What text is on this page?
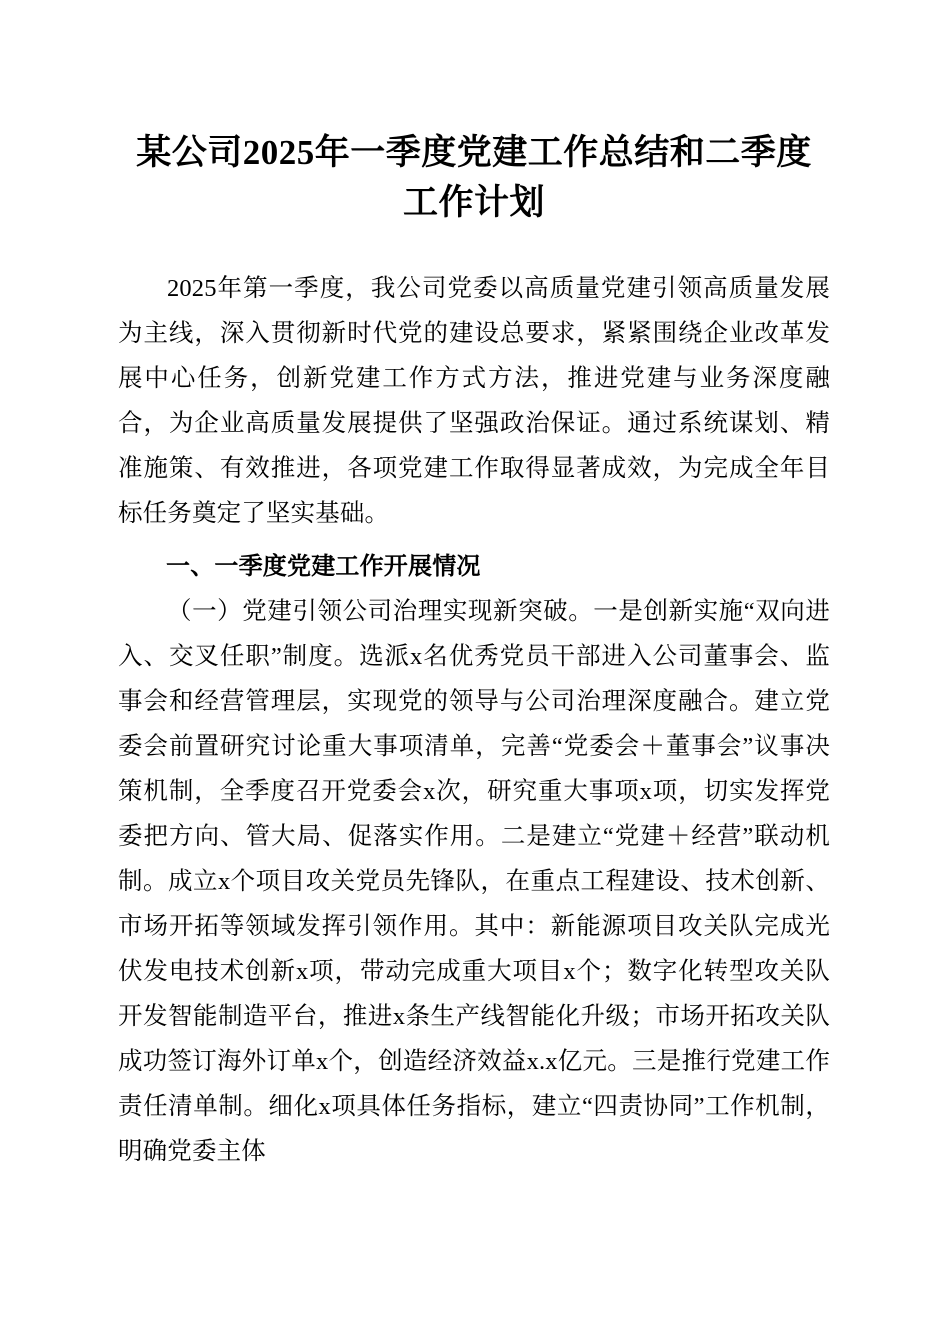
某公司2025年一季度党建工作总结和二季度
工作计划

2025年第一季度，我公司党委以高质量党建引领高质量发展为主线，深入贯彻新时代党的建设总要求，紧紧围绕企业改革发展中心任务，创新党建工作方式方法，推进党建与业务深度融合，为企业高质量发展提供了坚强政治保证。通过系统谋划、精准施策、有效推进，各项党建工作取得显著成效，为完成全年目标任务奠定了坚实基础。

一、一季度党建工作开展情况

（一）党建引领公司治理实现新突破。一是创新实施“双向进入、交叉任职”制度。选派x名优秀党员干部进入公司董事会、监事会和经营管理层，实现党的领导与公司治理深度融合。建立党委会前置研究讨论重大事项清单，完善“党委会＋董事会”议事决策机制，全季度召开党委会x次，研究重大事项x项，切实发挥党委把方向、管大局、促落实作用。二是建立“党建＋经营”联动机制。成立x个项目攻关党员先锋队，在重点工程建设、技术创新、市场开拓等领域发挥引领作用。其中：新能源项目攻关队完成光伏发电技术创新x项，带动完成重大项目x个；数字化转型攻关队开发智能制造平台，推进x条生产线智能化升级；市场开拓攻关队成功签订海外订单x个，创造经济效益x.x亿元。三是推行党建工作责任清单制。细化x项具体任务指标，建立“四责协同”工作机制，明确党委主体
